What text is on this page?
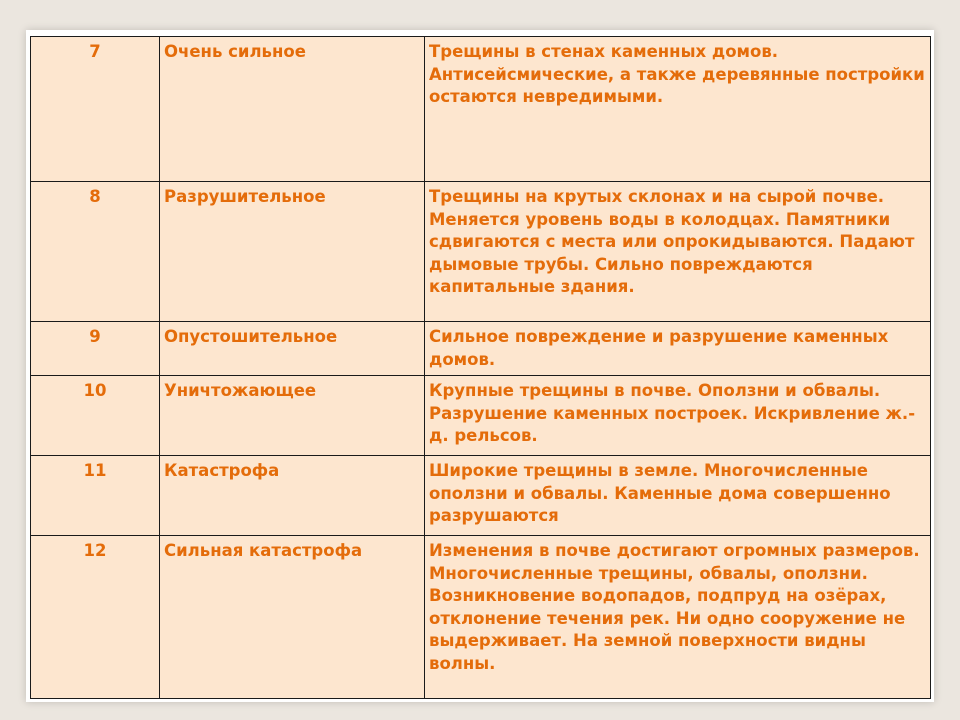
7	Очень сильное	Трещины в стенах каменных домов. Антисейсмические, а также деревянные постройки остаются невредимыми.
8	Разрушительное	Трещины на крутых склонах и на сырой почве. Меняется уровень воды в колодцах. Памятники сдвигаются с места или опрокидываются. Падают дымовые трубы. Сильно повреждаются капитальные здания.
9	Опустошительное	Сильное повреждение и разрушение каменных домов.
10	Уничтожающее	Крупные трещины в почве. Оползни и обвалы. Разрушение каменных построек. Искривление ж.-д. рельсов.
11	Катастрофа	Широкие трещины в земле. Многочисленные оползни и обвалы. Каменные дома совершенно разрушаются
12	Сильная катастрофа	Изменения в почве достигают огромных размеров. Многочисленные трещины, обвалы, оползни. Возникновение водопадов, подпруд на озёрах, отклонение течения рек. Ни одно сооружение не выдерживает. На земной поверхности видны волны.
